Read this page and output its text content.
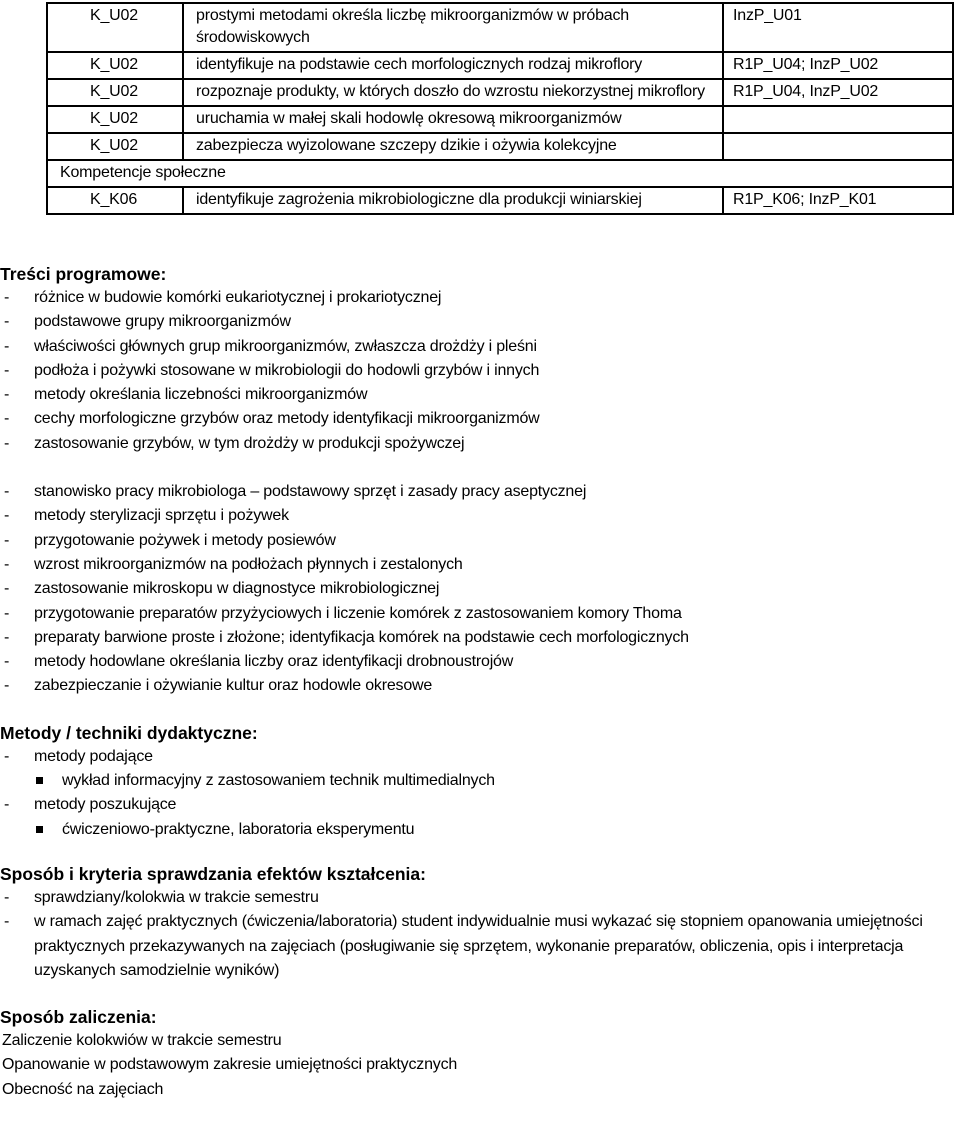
K_U02	prostymi metodami określa liczbę mikroorganizmów w próbach środowiskowych	InzP_U01
K_U02	identyfikuje na podstawie cech morfologicznych rodzaj mikroflory	R1P_U04; InzP_U02
K_U02	rozpoznaje produkty, w których doszło do wzrostu niekorzystnej mikroflory	R1P_U04, InzP_U02
K_U02	uruchamia w małej skali hodowlę okresową mikroorganizmów	
K_U02	zabezpiecza wyizolowane szczepy dzikie i ożywia kolekcyjne	
Kompetencje społeczne		
K_K06	identyfikuje zagrożenia mikrobiologiczne dla produkcji winiarskiej	R1P_K06; InzP_K01
Treści programowe:
- różnice w budowie komórki eukariotycznej i prokariotycznej
- podstawowe grupy mikroorganizmów
- właściwości głównych grup mikroorganizmów, zwłaszcza drożdży i pleśni
- podłoża i pożywki stosowane w mikrobiologii do hodowli grzybów i innych
- metody określania liczebności mikroorganizmów
- cechy morfologiczne grzybów oraz metody identyfikacji mikroorganizmów
- zastosowanie grzybów, w tym drożdży w produkcji spożywczej
- stanowisko pracy mikrobiologa – podstawowy sprzęt i zasady pracy aseptycznej
- metody sterylizacji sprzętu i pożywek
- przygotowanie pożywek i metody posiewów
- wzrost mikroorganizmów na podłożach płynnych i zestalonych
- zastosowanie mikroskopu w diagnostyce mikrobiologicznej
- przygotowanie preparatów przyżyciowych i liczenie komórek z zastosowaniem komory Thoma
- preparaty barwione proste i złożone; identyfikacja komórek na podstawie cech morfologicznych
- metody hodowlane określania liczby oraz identyfikacji drobnoustrojów
- zabezpieczanie i ożywianie kultur oraz hodowle okresowe
Metody / techniki dydaktyczne:
- metody podające
wykład informacyjny z zastosowaniem technik multimedialnych
- metody poszukujące
ćwiczeniowo-praktyczne, laboratoria eksperymentu
Sposób i kryteria sprawdzania efektów kształcenia:
- sprawdziany/kolokwia w trakcie semestru
- w ramach zajęć praktycznych (ćwiczenia/laboratoria) student indywidualnie musi wykazać się stopniem opanowania umiejętności praktycznych przekazywanych na zajęciach (posługiwanie się sprzętem, wykonanie preparatów, obliczenia, opis i interpretacja uzyskanych samodzielnie wyników)
Sposób zaliczenia:
Zaliczenie kolokwiów w trakcie semestru
Opanowanie w podstawowym zakresie umiejętności praktycznych
Obecność na zajęciach
